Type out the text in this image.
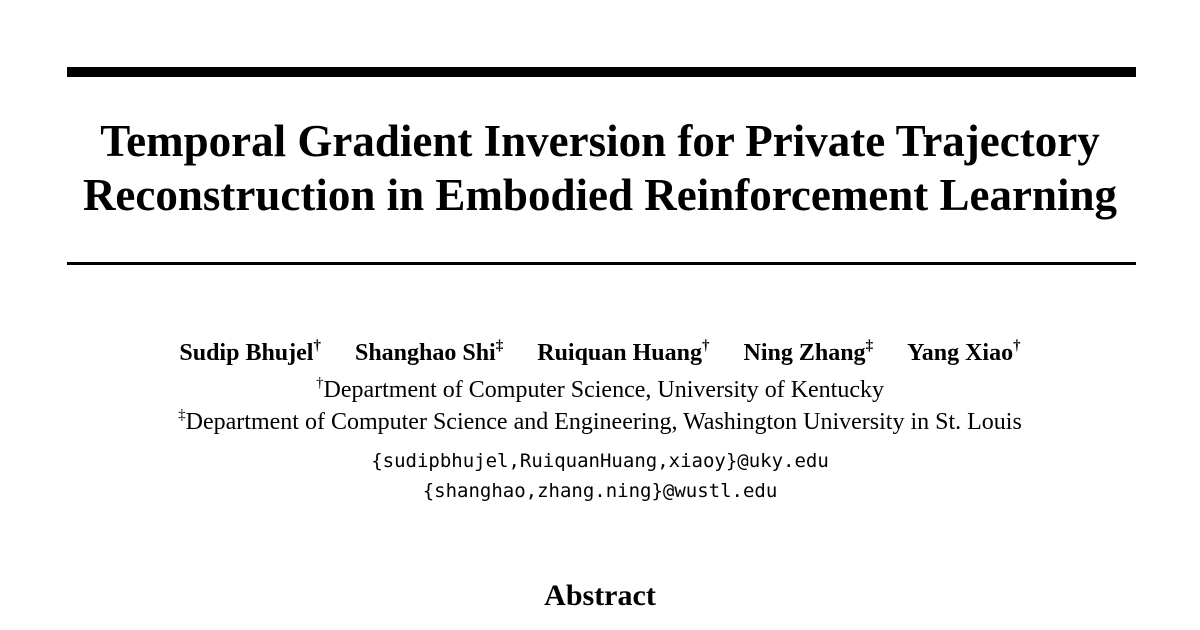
Temporal Gradient Inversion for Private Trajectory
Reconstruction in Embodied Reinforcement Learning
Sudip Bhujel† Shanghao Shi‡ Ruiquan Huang† Ning Zhang‡ Yang Xiao†
†Department of Computer Science, University of Kentucky
‡Department of Computer Science and Engineering, Washington University in St. Louis
{sudipbhujel,RuiquanHuang,xiaoy}@uky.edu
{shanghao,zhang.ning}@wustl.edu
Abstract
